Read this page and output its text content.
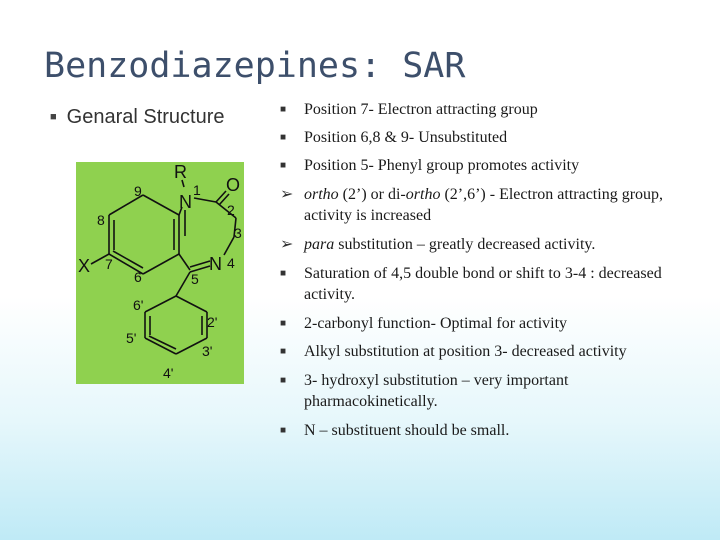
Benzodiazepines: SAR
■ Genaral Structure
R
N
O
N
X
1
2
3
4
5
6
7
8
9
2'
3'
4'
5'
6'
■ Position 7- Electron attracting group
■ Position 6,8 & 9- Unsubstituted
■ Position 5- Phenyl group promotes activity
➢ ortho (2’) or di-ortho (2’,6’) - Electron attracting group, activity is increased
➢ para substitution – greatly decreased activity.
■ Saturation of 4,5 double bond or shift to 3-4 : decreased activity.
■ 2-carbonyl function- Optimal for activity
■ Alkyl substitution at position 3- decreased activity
■ 3- hydroxyl substitution – very important pharmacokinetically.
■ N – substituent should be small.
